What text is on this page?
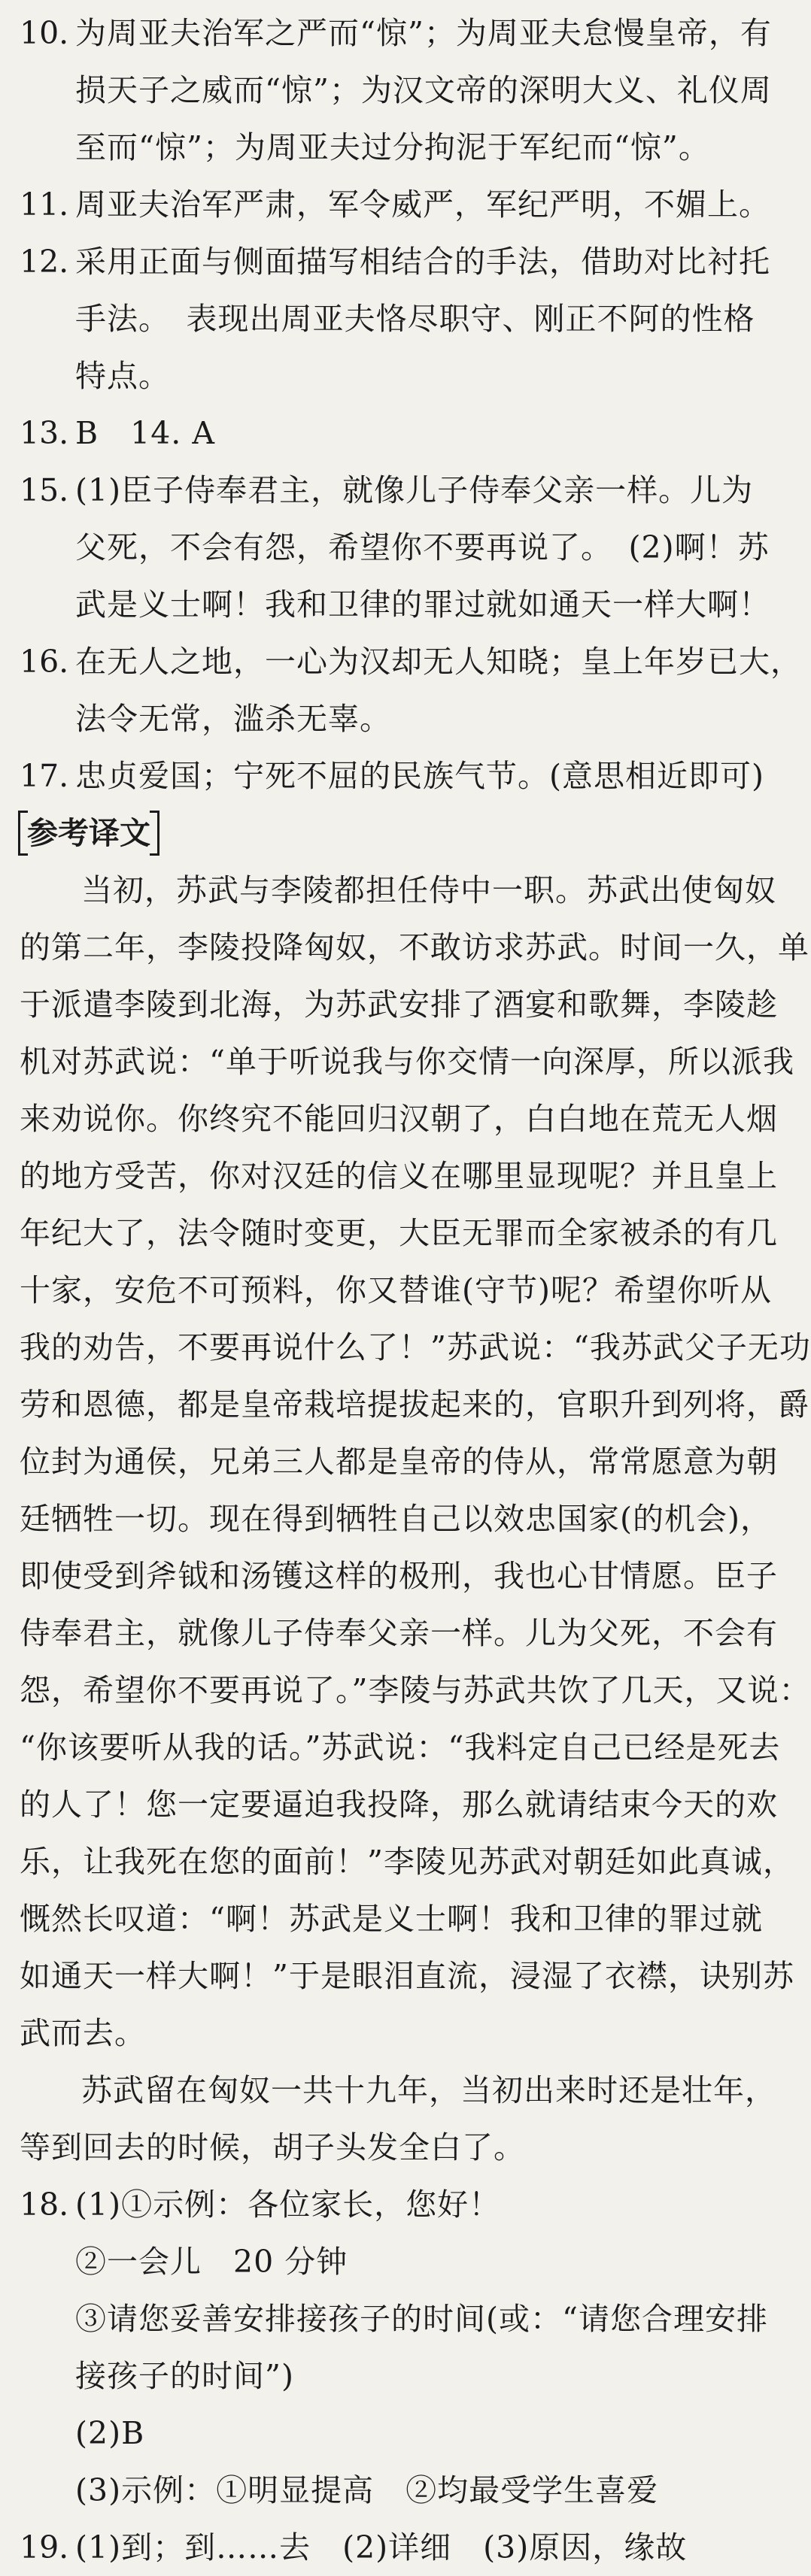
10. 为周亚夫治军之严而“惊”；为周亚夫怠慢皇帝，有
损天子之威而“惊”；为汉文帝的深明大义、礼仪周
至而“惊”；为周亚夫过分拘泥于军纪而“惊”。
11. 周亚夫治军严肃，军令威严，军纪严明，不媚上。
12. 采用正面与侧面描写相结合的手法，借助对比衬托
手法。　表现出周亚夫恪尽职守、刚正不阿的性格
特点。
13. B　14. A
15. (1)臣子侍奉君主，就像儿子侍奉父亲一样。儿为
父死，不会有怨，希望你不要再说了。　(2)啊！苏
武是义士啊！我和卫律的罪过就如通天一样大啊！
16. 在无人之地，一心为汉却无人知晓；皇上年岁已大，
法令无常，滥杀无辜。
17. 忠贞爱国；宁死不屈的民族气节。(意思相近即可)
参考译文
当初，苏武与李陵都担任侍中一职。苏武出使匈奴
的第二年，李陵投降匈奴，不敢访求苏武。时间一久，单
于派遣李陵到北海，为苏武安排了酒宴和歌舞，李陵趁
机对苏武说：“单于听说我与你交情一向深厚，所以派我
来劝说你。你终究不能回归汉朝了，白白地在荒无人烟
的地方受苦，你对汉廷的信义在哪里显现呢？并且皇上
年纪大了，法令随时变更，大臣无罪而全家被杀的有几
十家，安危不可预料，你又替谁(守节)呢？希望你听从
我的劝告，不要再说什么了！”苏武说：“我苏武父子无功
劳和恩德，都是皇帝栽培提拔起来的，官职升到列将，爵
位封为通侯，兄弟三人都是皇帝的侍从，常常愿意为朝
廷牺牲一切。现在得到牺牲自己以效忠国家(的机会)，
即使受到斧钺和汤镬这样的极刑，我也心甘情愿。臣子
侍奉君主，就像儿子侍奉父亲一样。儿为父死，不会有
怨，希望你不要再说了。”李陵与苏武共饮了几天，又说：
“你该要听从我的话。”苏武说：“我料定自己已经是死去
的人了！您一定要逼迫我投降，那么就请结束今天的欢
乐，让我死在您的面前！”李陵见苏武对朝廷如此真诚，
慨然长叹道：“啊！苏武是义士啊！我和卫律的罪过就
如通天一样大啊！”于是眼泪直流，浸湿了衣襟，诀别苏
武而去。
苏武留在匈奴一共十九年，当初出来时还是壮年，
等到回去的时候，胡子头发全白了。
18. (1)①示例：各位家长，您好！
②一会儿　20 分钟
③请您妥善安排接孩子的时间(或：“请您合理安排
接孩子的时间”)
(2)B
(3)示例：①明显提高　②均最受学生喜爱
19. (1)到；到……去　(2)详细　(3)原因，缘故
